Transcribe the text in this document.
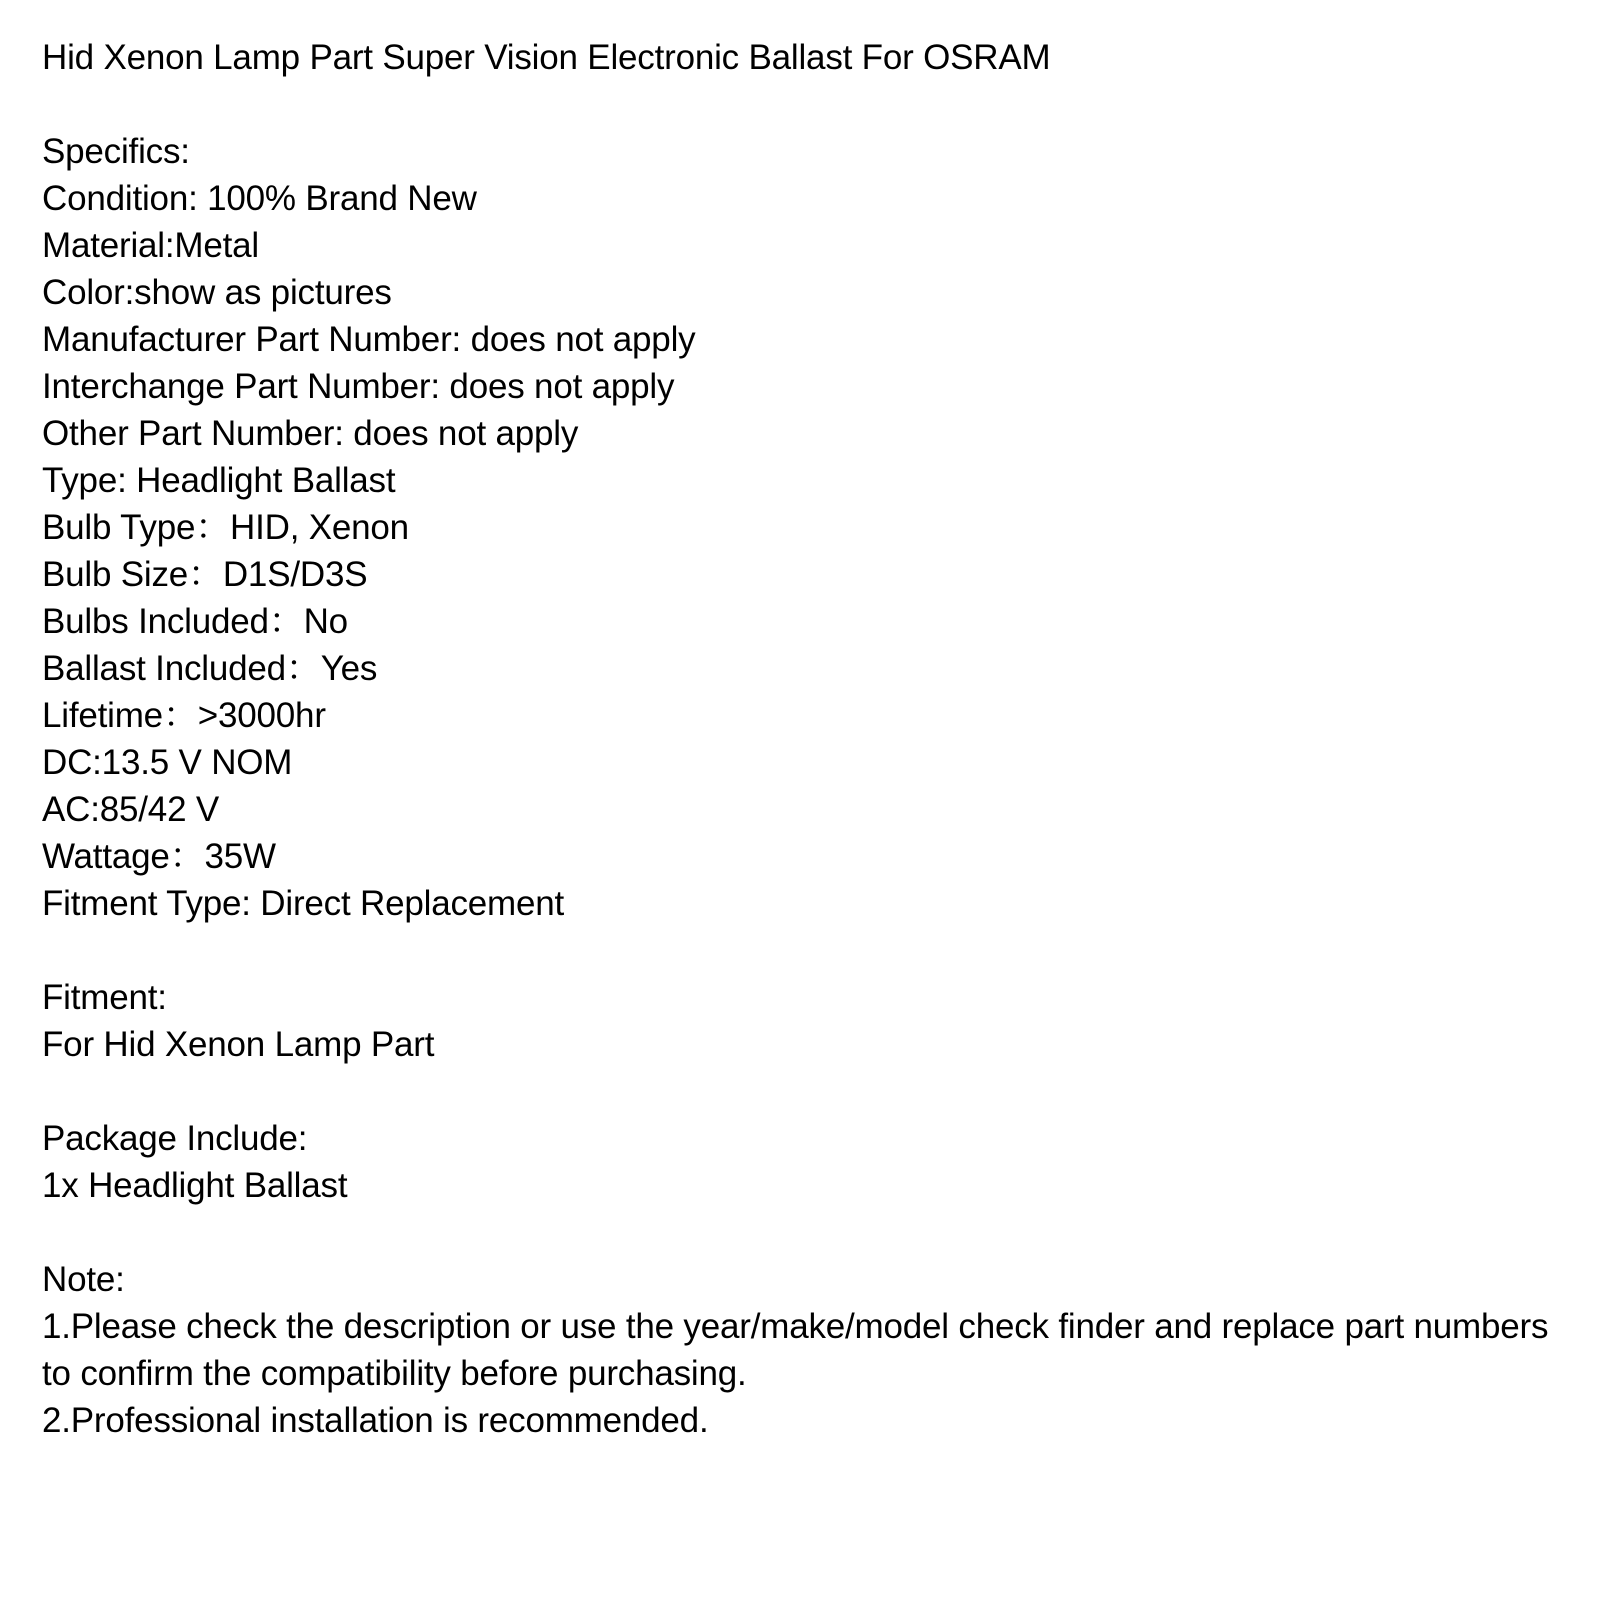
Hid Xenon Lamp Part Super Vision Electronic Ballast For OSRAM
Specifics:
Condition: 100% Brand New
Material:Metal
Color:show as pictures
Manufacturer Part Number: does not apply
Interchange Part Number: does not apply
Other Part Number: does not apply
Type: Headlight Ballast
Bulb Type：HID, Xenon
Bulb Size：D1S/D3S
Bulbs Included：No
Ballast Included：Yes
Lifetime：>3000hr
DC:13.5 V NOM
AC:85/42 V
Wattage：35W
Fitment Type: Direct Replacement
Fitment:
For Hid Xenon Lamp Part
Package Include:
1x Headlight Ballast
Note:
1.Please check the description or use the year/make/model check finder and replace part numbers to confirm the compatibility before purchasing.
2.Professional installation is recommended.
